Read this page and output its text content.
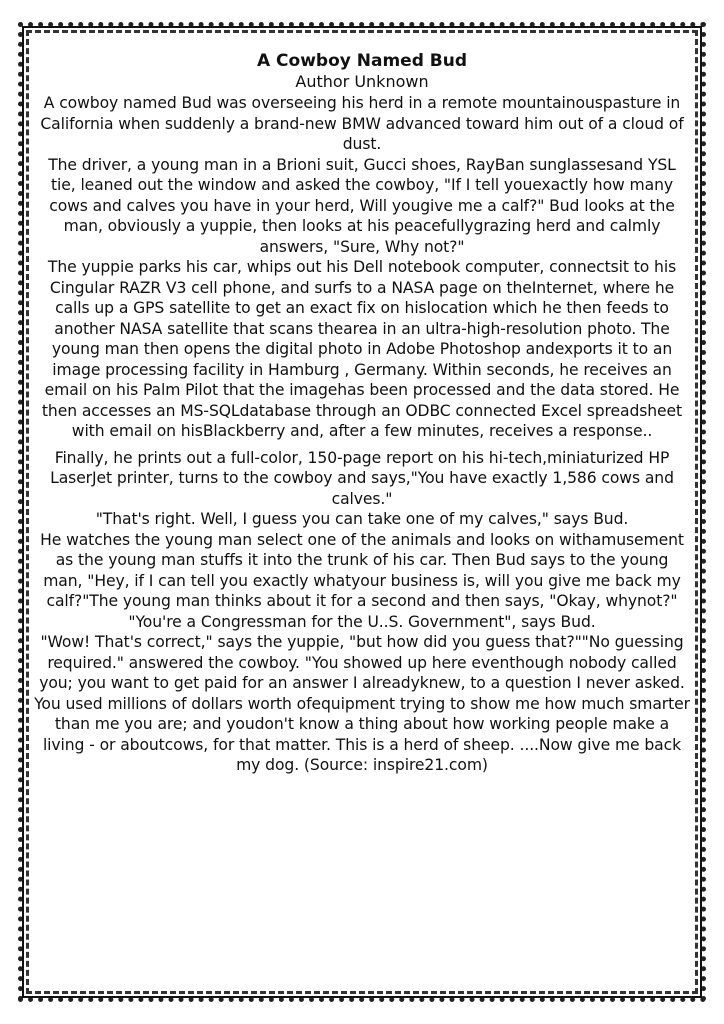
A Cowboy Named Bud

Author Unknown

A cowboy named Bud was overseeing his herd in a remote mountainouspasture in California when suddenly a brand-new BMW advanced toward him out of a cloud of dust.

The driver, a young man in a Brioni suit, Gucci shoes, RayBan sunglassesand YSL tie, leaned out the window and asked the cowboy, "If I tell youexactly how many cows and calves you have in your herd, Will yougive me a calf?" Bud looks at the man, obviously a yuppie, then looks at his peacefullygrazing herd and calmly answers, "Sure, Why not?"

The yuppie parks his car, whips out his Dell notebook computer, connectsit to his Cingular RAZR V3 cell phone, and surfs to a NASA page on theInternet, where he calls up a GPS satellite to get an exact fix on hislocation which he then feeds to another NASA satellite that scans thearea in an ultra-high-resolution photo. The young man then opens the digital photo in Adobe Photoshop andexports it to an image processing facility in Hamburg , Germany. Within seconds, he receives an email on his Palm Pilot that the imagehas been processed and the data stored. He then accesses an MS-SQLdatabase through an ODBC connected Excel spreadsheet with email on hisBlackberry and, after a few minutes, receives a response..

Finally, he prints out a full-color, 150-page report on his hi-tech,miniaturized HP LaserJet printer, turns to the cowboy and says,"You have exactly 1,586 cows and calves."

"That's right. Well, I guess you can take one of my calves," says Bud.

He watches the young man select one of the animals and looks on withamusement as the young man stuffs it into the trunk of his car. Then Bud says to the young man, "Hey, if I can tell you exactly whatyour business is, will you give me back my calf?"The young man thinks about it for a second and then says, "Okay, whynot?"

"You're a Congressman for the U..S. Government", says Bud.

"Wow! That's correct," says the yuppie, "but how did you guess that?""No guessing required." answered the cowboy. "You showed up here eventhough nobody called you; you want to get paid for an answer I alreadyknew, to a question I never asked. You used millions of dollars worth ofequipment trying to show me how much smarter than me you are; and youdon't know a thing about how working people make a living - or aboutcows, for that matter. This is a herd of sheep. ....Now give me back my dog. (Source: inspire21.com)
